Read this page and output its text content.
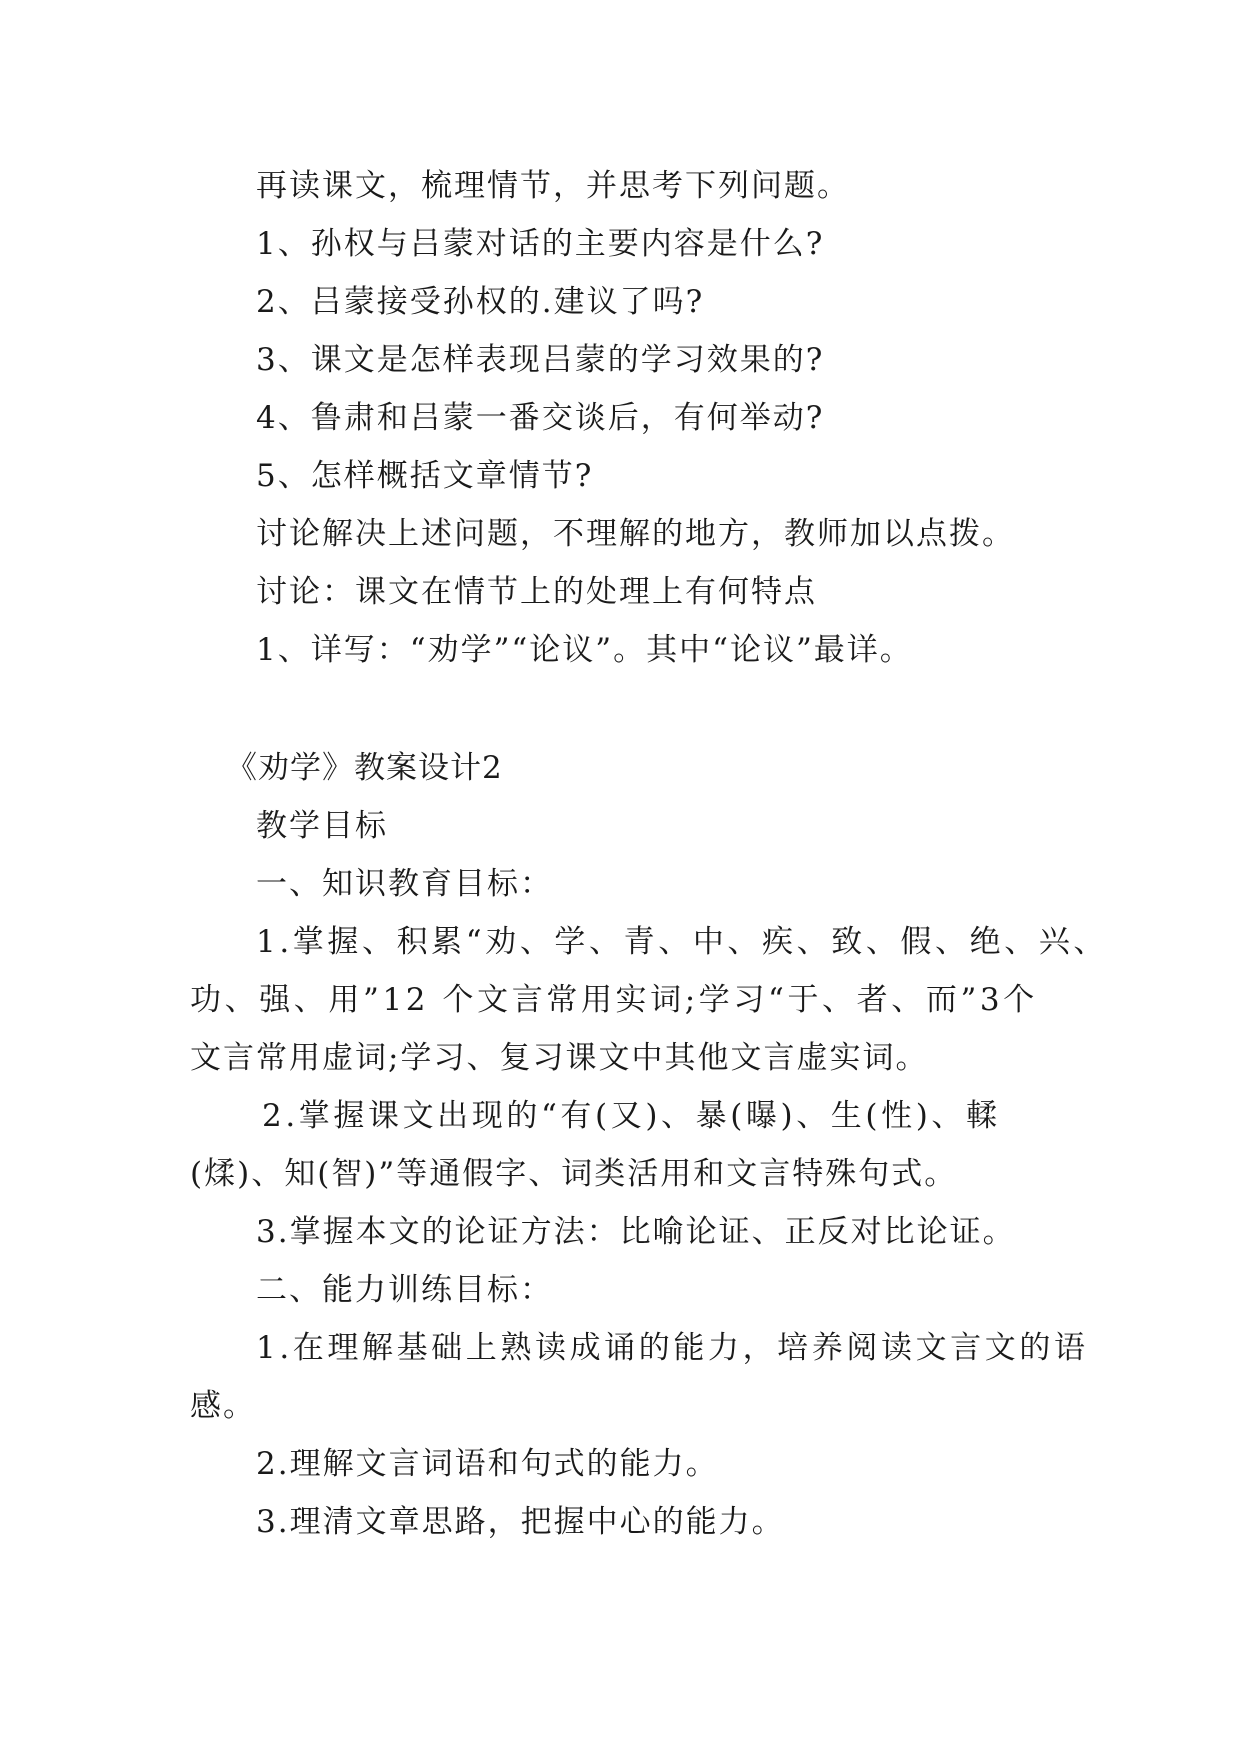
再读课文，梳理情节，并思考下列问题。
1、孙权与吕蒙对话的主要内容是什么?
2、吕蒙接受孙权的.建议了吗?
3、课文是怎样表现吕蒙的学习效果的?
4、鲁肃和吕蒙一番交谈后，有何举动?
5、怎样概括文章情节?
讨论解决上述问题，不理解的地方，教师加以点拨。
讨论：课文在情节上的处理上有何特点
1、详写：“劝学”“论议”。其中“论议”最详。
《劝学》教案设计2
教学目标
一、知识教育目标：
1.掌握、积累“劝、学、青、中、疾、致、假、绝、兴、
功、强、用”12 个文言常用实词;学习“于、者、而”3个
文言常用虚词;学习、复习课文中其他文言虚实词。
2.掌握课文出现的“有(又)、暴(曝)、生(性)、輮
(煣)、知(智)”等通假字、词类活用和文言特殊句式。
3.掌握本文的论证方法：比喻论证、正反对比论证。
二、能力训练目标：
1.在理解基础上熟读成诵的能力，培养阅读文言文的语
感。
2.理解文言词语和句式的能力。
3.理清文章思路，把握中心的能力。
